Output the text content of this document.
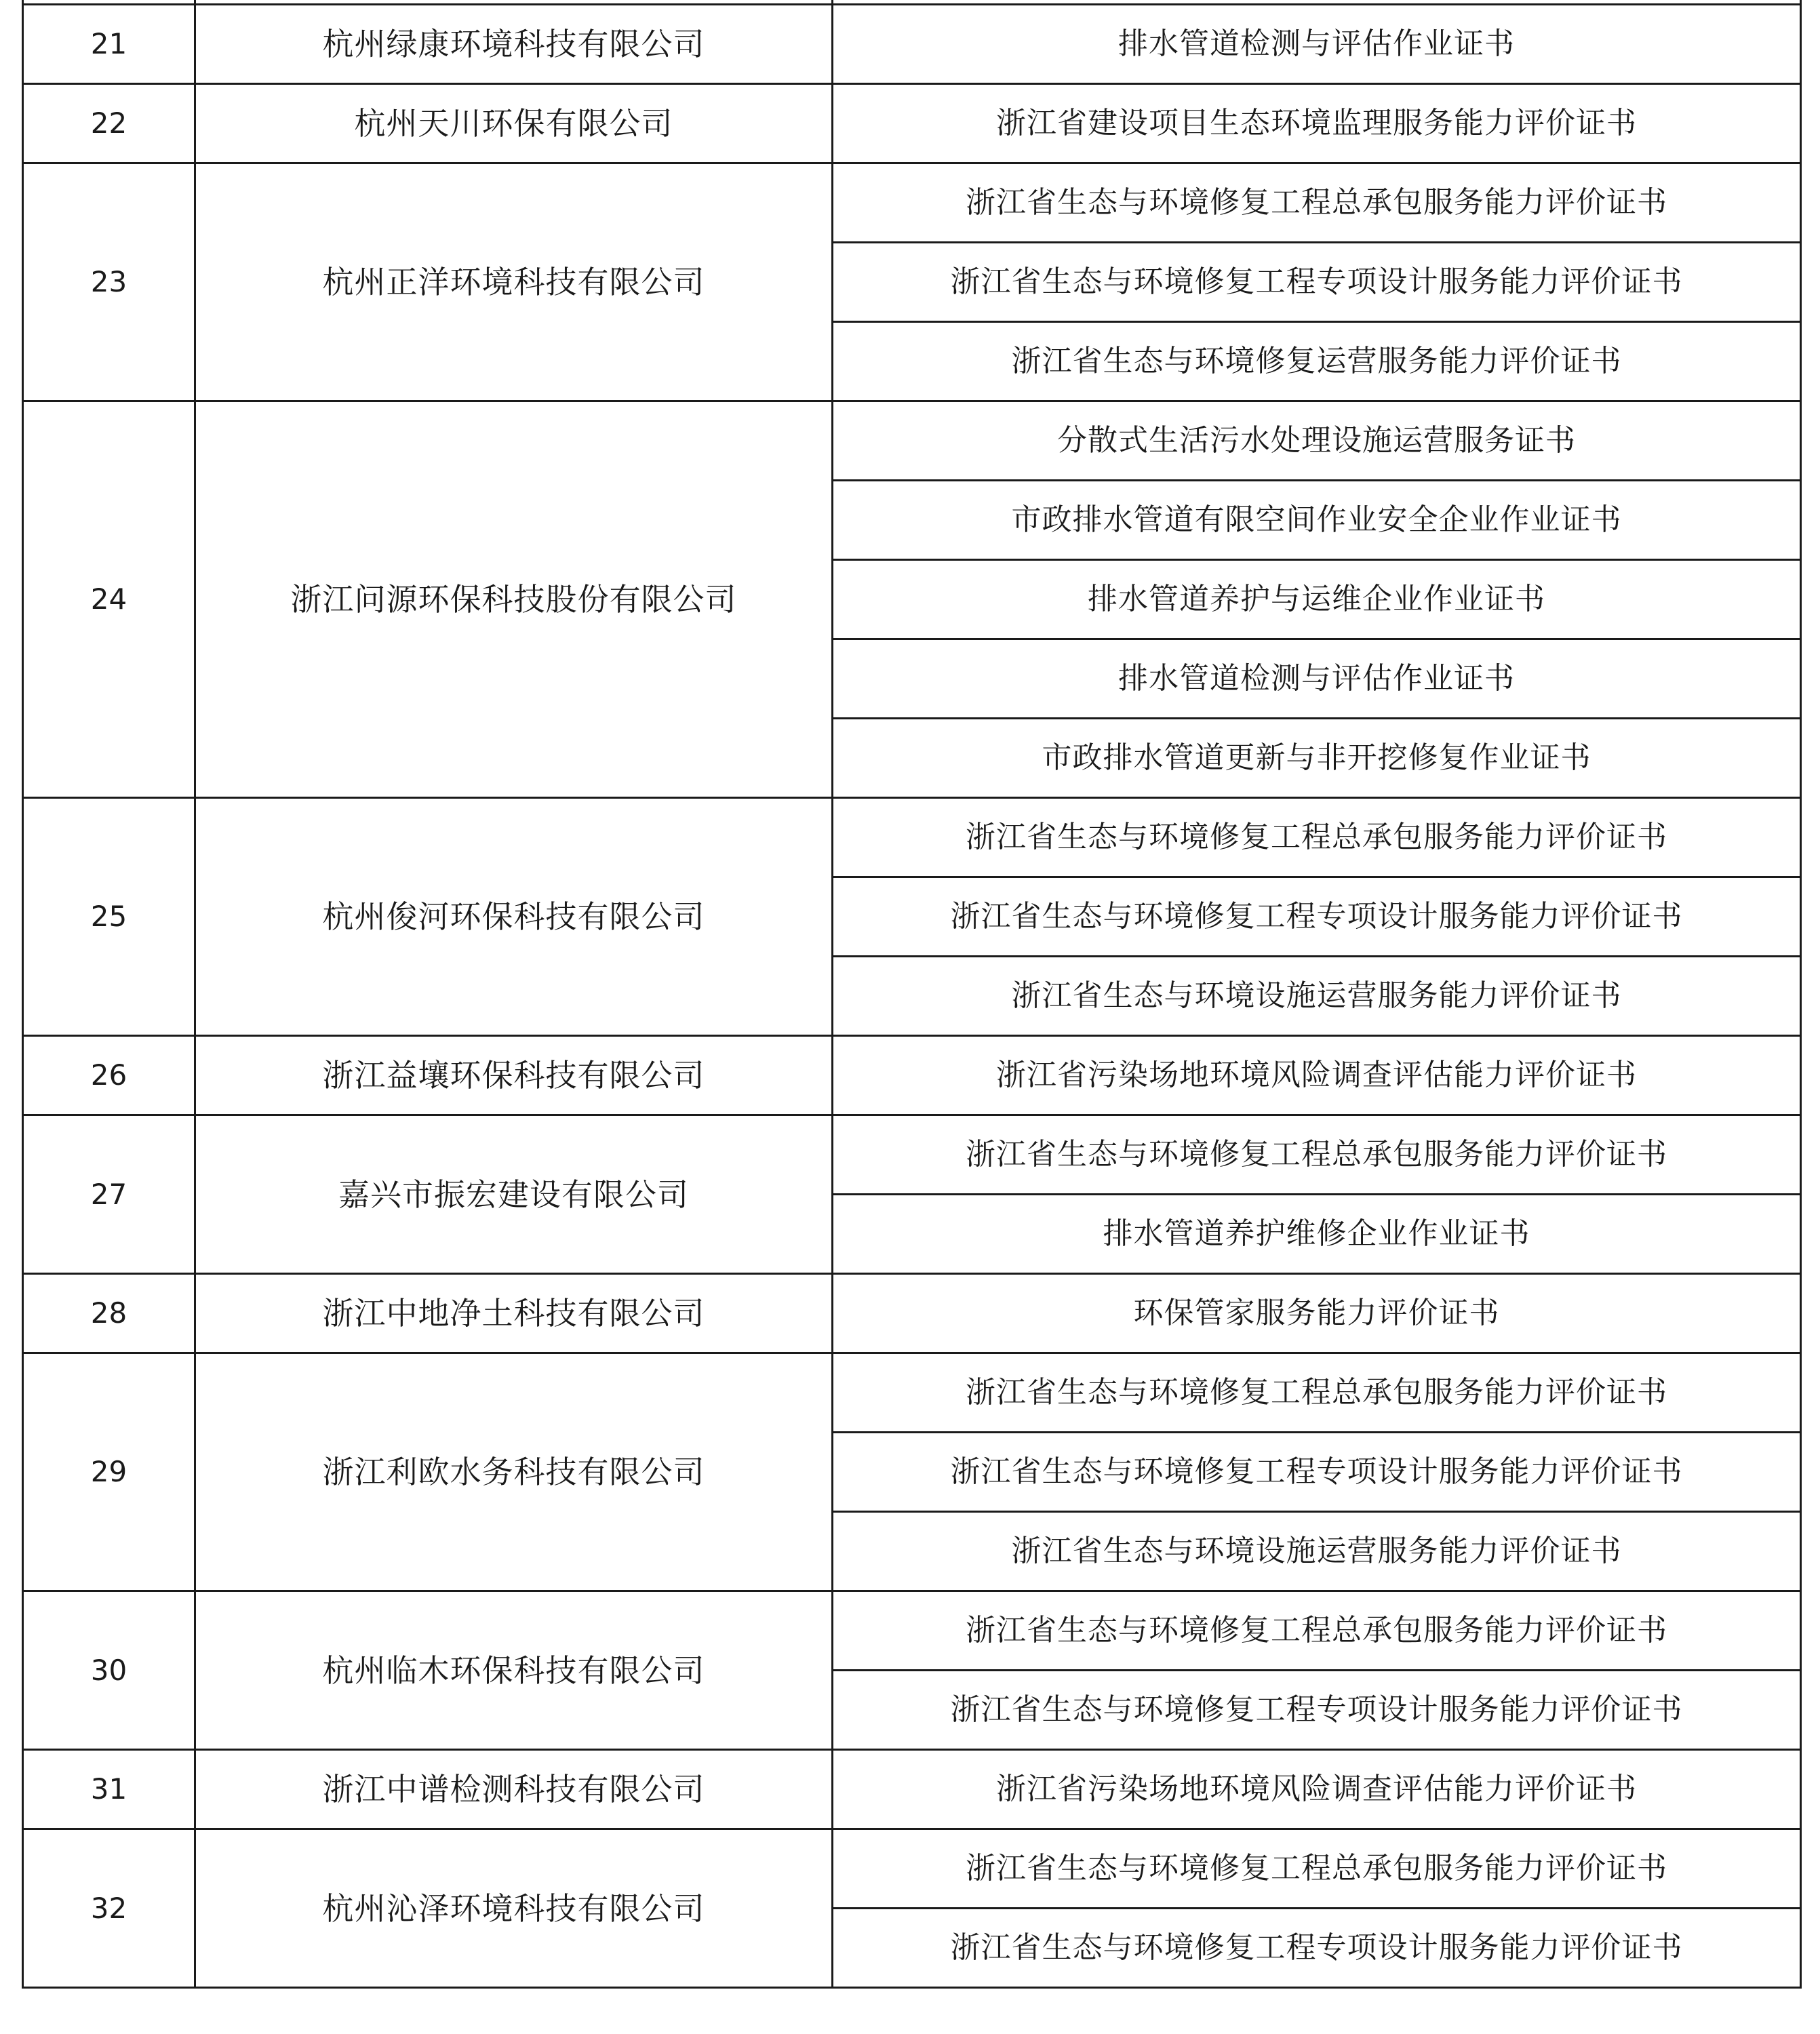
21	杭州绿康环境科技有限公司	排水管道检测与评估作业证书
22	杭州天川环保有限公司	浙江省建设项目生态环境监理服务能力评价证书
23	杭州正洋环境科技有限公司	浙江省生态与环境修复工程总承包服务能力评价证书
		浙江省生态与环境修复工程专项设计服务能力评价证书
		浙江省生态与环境修复运营服务能力评价证书
24	浙江问源环保科技股份有限公司	分散式生活污水处理设施运营服务证书
		市政排水管道有限空间作业安全企业作业证书
		排水管道养护与运维企业作业证书
		排水管道检测与评估作业证书
		市政排水管道更新与非开挖修复作业证书
25	杭州俊河环保科技有限公司	浙江省生态与环境修复工程总承包服务能力评价证书
		浙江省生态与环境修复工程专项设计服务能力评价证书
		浙江省生态与环境设施运营服务能力评价证书
26	浙江益壤环保科技有限公司	浙江省污染场地环境风险调查评估能力评价证书
27	嘉兴市振宏建设有限公司	浙江省生态与环境修复工程总承包服务能力评价证书
		排水管道养护维修企业作业证书
28	浙江中地净土科技有限公司	环保管家服务能力评价证书
29	浙江利欧水务科技有限公司	浙江省生态与环境修复工程总承包服务能力评价证书
		浙江省生态与环境修复工程专项设计服务能力评价证书
		浙江省生态与环境设施运营服务能力评价证书
30	杭州临木环保科技有限公司	浙江省生态与环境修复工程总承包服务能力评价证书
		浙江省生态与环境修复工程专项设计服务能力评价证书
31	浙江中谱检测科技有限公司	浙江省污染场地环境风险调查评估能力评价证书
32	杭州沁泽环境科技有限公司	浙江省生态与环境修复工程总承包服务能力评价证书
		浙江省生态与环境修复工程专项设计服务能力评价证书
